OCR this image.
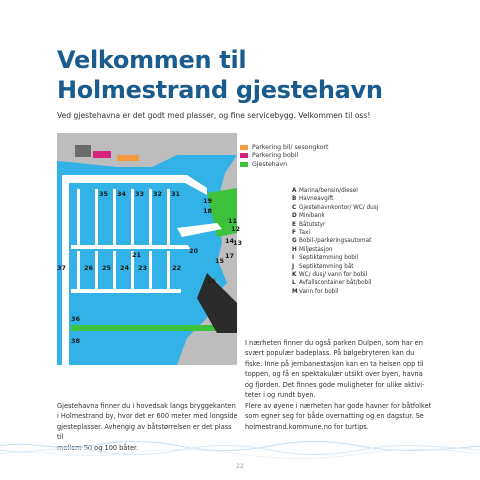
Velkommen til
Holmestrand gjestehavn
Ved gjestehavna er det godt med plasser, og fine servicebygg. Velkommen til oss!
35 34 33 32 31
26 25 24 23	22
21	20
19
18
17
16
15
14
13
12
11
38
37
36
Parkering bil/ sesongkort
Parkering bobil
Gjestehavn
A Marina/bensin/diesel
B Havneavgift
C Gjestehavnkontor/ WC/ dusj
D Minibank
E Båtutstyr
F Taxi
G Bobil-/parkeringsautomat
H Miljøstasjon
I Septiktømming bobil
J Septiktømming båt
K WC/ dusj/ vann for bobil
L Avfallscontainer båt/bobil
MVann for bobil
I nærheten finner du også parken Dulpen, som har en
svært populær badeplass. På bølgebryteren kan du
fiske. Inne på jernbanestasjon kan en ta heisen opp til
toppen, og få en spektakulær utsikt over byen, havna
og fjorden. Det finnes gode muligheter for ulike aktivi-
teter i og rundt byen.
Flere av øyene i nærheten har gode havner for båtfolket
som egner seg for både overnatting og en dagstur. Se
holmestrand.kommune.no for turtips.
Gjestehavna finner du i hovedsak langs bryggekanten
i Holmestrand by, hvor det er 600 meter med longside
gjesteplasser. Avhengig av båtstørrelsen er det plass til
mellom 50 og 100 båter.
22
